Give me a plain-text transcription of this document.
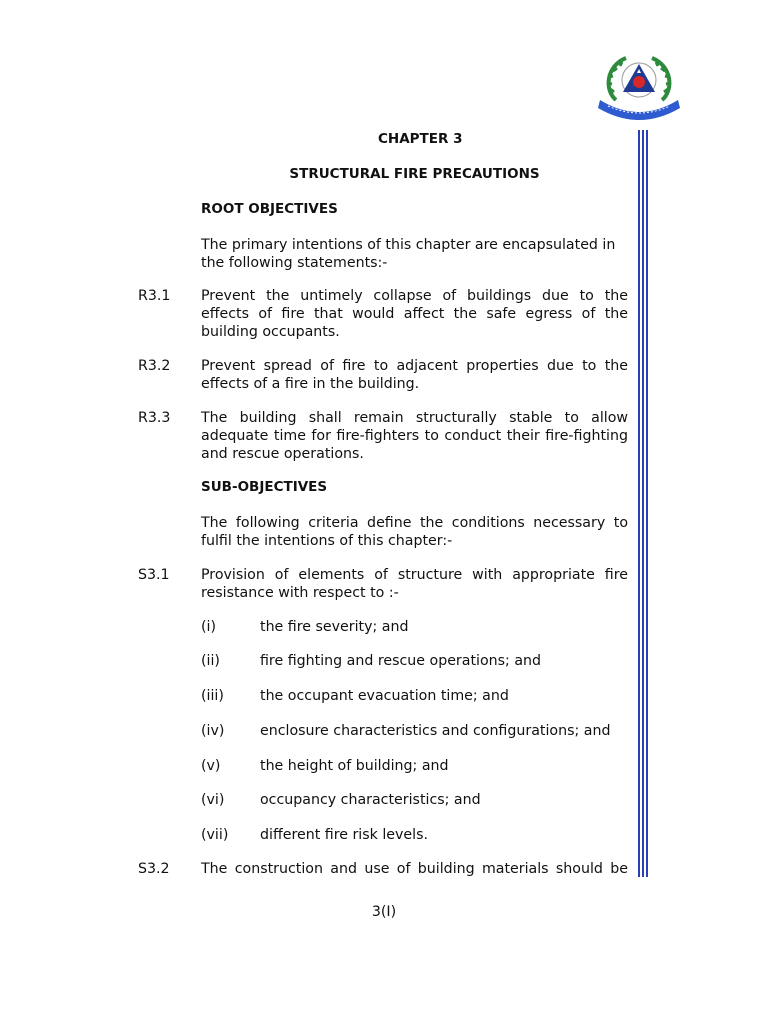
CHAPTER 3
STRUCTURAL FIRE PRECAUTIONS
ROOT OBJECTIVES
The primary intentions of this chapter are encapsulated in
the following statements:-
R3.1 Prevent the untimely collapse of buildings due to the
effects of fire that would affect the safe egress of the
building occupants.
R3.2 Prevent spread of fire to adjacent properties due to the
effects of a fire in the building.
R3.3 The building shall remain structurally stable to allow
adequate time for fire-fighters to conduct their fire-fighting
and rescue operations.
SUB-OBJECTIVES
The following criteria define the conditions necessary to
fulfil the intentions of this chapter:-
S3.1 Provision of elements of structure with appropriate fire
resistance with respect to :-
(i)	the fire severity; and
(ii)	fire fighting and rescue operations; and
(iii)	the occupant evacuation time; and
(iv)	enclosure characteristics and configurations; and
(v)	the height of building; and
(vi)	occupancy characteristics; and
(vii) different fire risk levels.
S3.2 The construction and use of building materials should be
3(I)
